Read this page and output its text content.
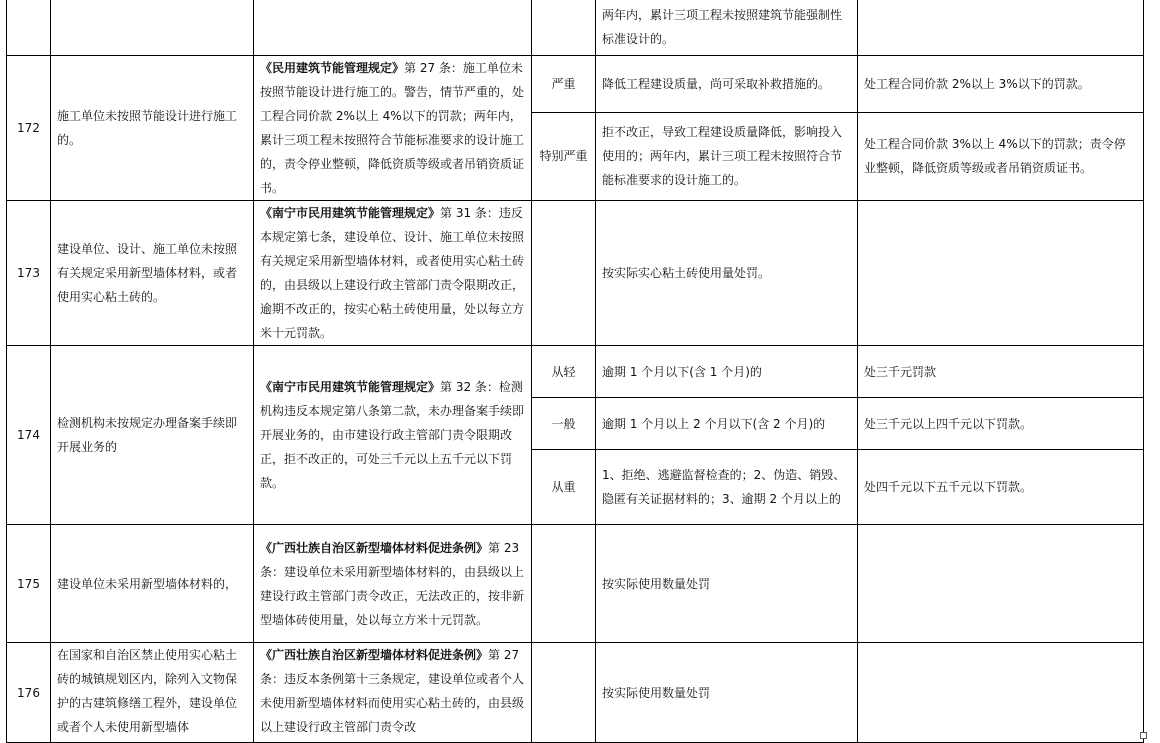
				两年内，累计三项工程未按照建筑节能强制性标准设计的。	
172	施工单位未按照节能设计进行施工的。	《民用建筑节能管理规定》第 27 条：施工单位未按照节能设计进行施工的。警告，情节严重的，处工程合同价款 2%以上 4%以下的罚款；两年内，累计三项工程未按照符合节能标准要求的设计施工的，责令停业整顿，降低资质等级或者吊销资质证书。	严重	降低工程建设质量，尚可采取补救措施的。	处工程合同价款 2%以上 3%以下的罚款。
			特别严重	拒不改正，导致工程建设质量降低，影响投入使用的；两年内，累计三项工程未按照符合节能标准要求的设计施工的。	处工程合同价款 3%以上 4%以下的罚款；责令停业整顿，降低资质等级或者吊销资质证书。
173	建设单位、设计、施工单位未按照有关规定采用新型墙体材料，或者使用实心粘土砖的。	《南宁市民用建筑节能管理规定》第 31 条：违反本规定第七条，建设单位、设计、施工单位未按照有关规定采用新型墙体材料，或者使用实心粘土砖的，由县级以上建设行政主管部门责令限期改正，逾期不改正的，按实心粘土砖使用量，处以每立方米十元罚款。		按实际实心粘土砖使用量处罚。	
174	检测机构未按规定办理备案手续即开展业务的	《南宁市民用建筑节能管理规定》第 32 条：检测机构违反本规定第八条第二款，未办理备案手续即开展业务的，由市建设行政主管部门责令限期改正，拒不改正的，可处三千元以上五千元以下罚款。	从轻	逾期 1 个月以下(含 1 个月)的	处三千元罚款
			一般	逾期 1 个月以上 2 个月以下(含 2 个月)的	处三千元以上四千元以下罚款。
			从重	1、拒绝、逃避监督检查的；2、伪造、销毁、隐匿有关证据材料的；3、逾期 2 个月以上的	处四千元以下五千元以下罚款。
175	建设单位未采用新型墙体材料的，	《广西壮族自治区新型墙体材料促进条例》第 23 条：建设单位未采用新型墙体材料的，由县级以上建设行政主管部门责令改正，无法改正的，按非新型墙体砖使用量，处以每立方米十元罚款。		按实际使用数量处罚	
176	在国家和自治区禁止使用实心粘土砖的城镇规划区内，除列入文物保护的古建筑修缮工程外，建设单位或者个人未使用新型墙体	《广西壮族自治区新型墙体材料促进条例》第 27 条：违反本条例第十三条规定，建设单位或者个人未使用新型墙体材料而使用实心粘土砖的，由县级以上建设行政主管部门责令改		按实际使用数量处罚	
